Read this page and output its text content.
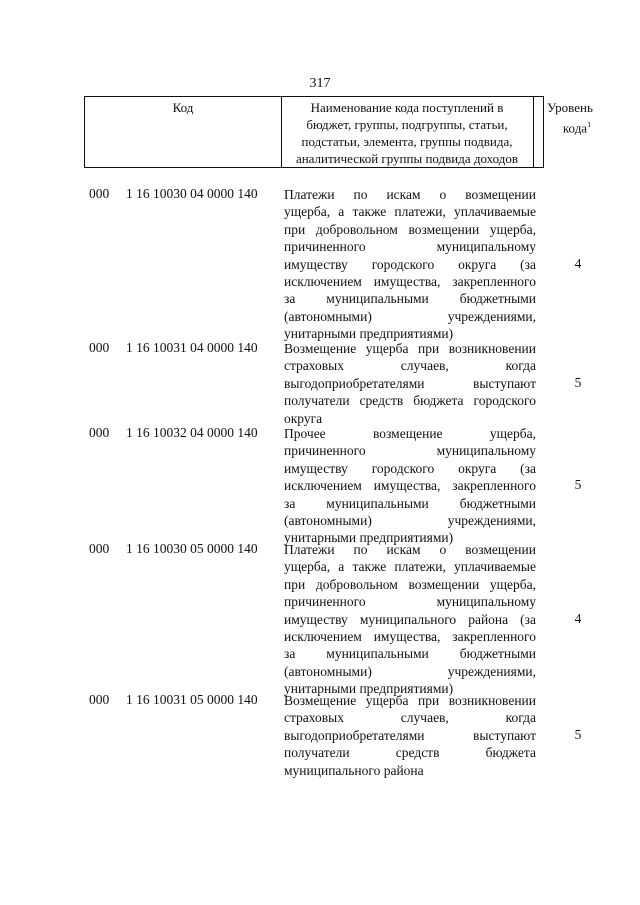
317
Код	Наименование кода поступлений в
бюджет, группы, подгруппы, статьи,
подстатьи, элемента, группы подвида,
аналитической группы подвида доходов
Уровень
кода$^1$
000 1 16 10030 04 0000 140 Платежи по искам о возмещении
ущерба, а также платежи, уплачиваемые
при добровольном возмещении ущерба,
причиненного муниципальному
имуществу городского округа (за
исключением имущества, закрепленного
за муниципальными бюджетными
(автономными) учреждениями,
унитарными предприятиями)
4
000 1 16 10031 04 0000 140 Возмещение ущерба при возникновении
страховых случаев, когда
выгодоприобретателями выступают
получатели средств бюджета городского
округа
5
000 1 16 10032 04 0000 140 Прочее возмещение ущерба,
причиненного муниципальному
имуществу городского округа (за
исключением имущества, закрепленного
за муниципальными бюджетными
(автономными) учреждениями,
унитарными предприятиями)
5
000 1 16 10030 05 0000 140 Платежи по искам о возмещении
ущерба, а также платежи, уплачиваемые
при добровольном возмещении ущерба,
причиненного муниципальному
имуществу муниципального района (за
исключением имущества, закрепленного
за муниципальными бюджетными
(автономными) учреждениями,
унитарными предприятиями)
4
000 1 16 10031 05 0000 140 Возмещение ущерба при возникновении
страховых случаев, когда
выгодоприобретателями выступают
получатели средств бюджета
муниципального района
5
